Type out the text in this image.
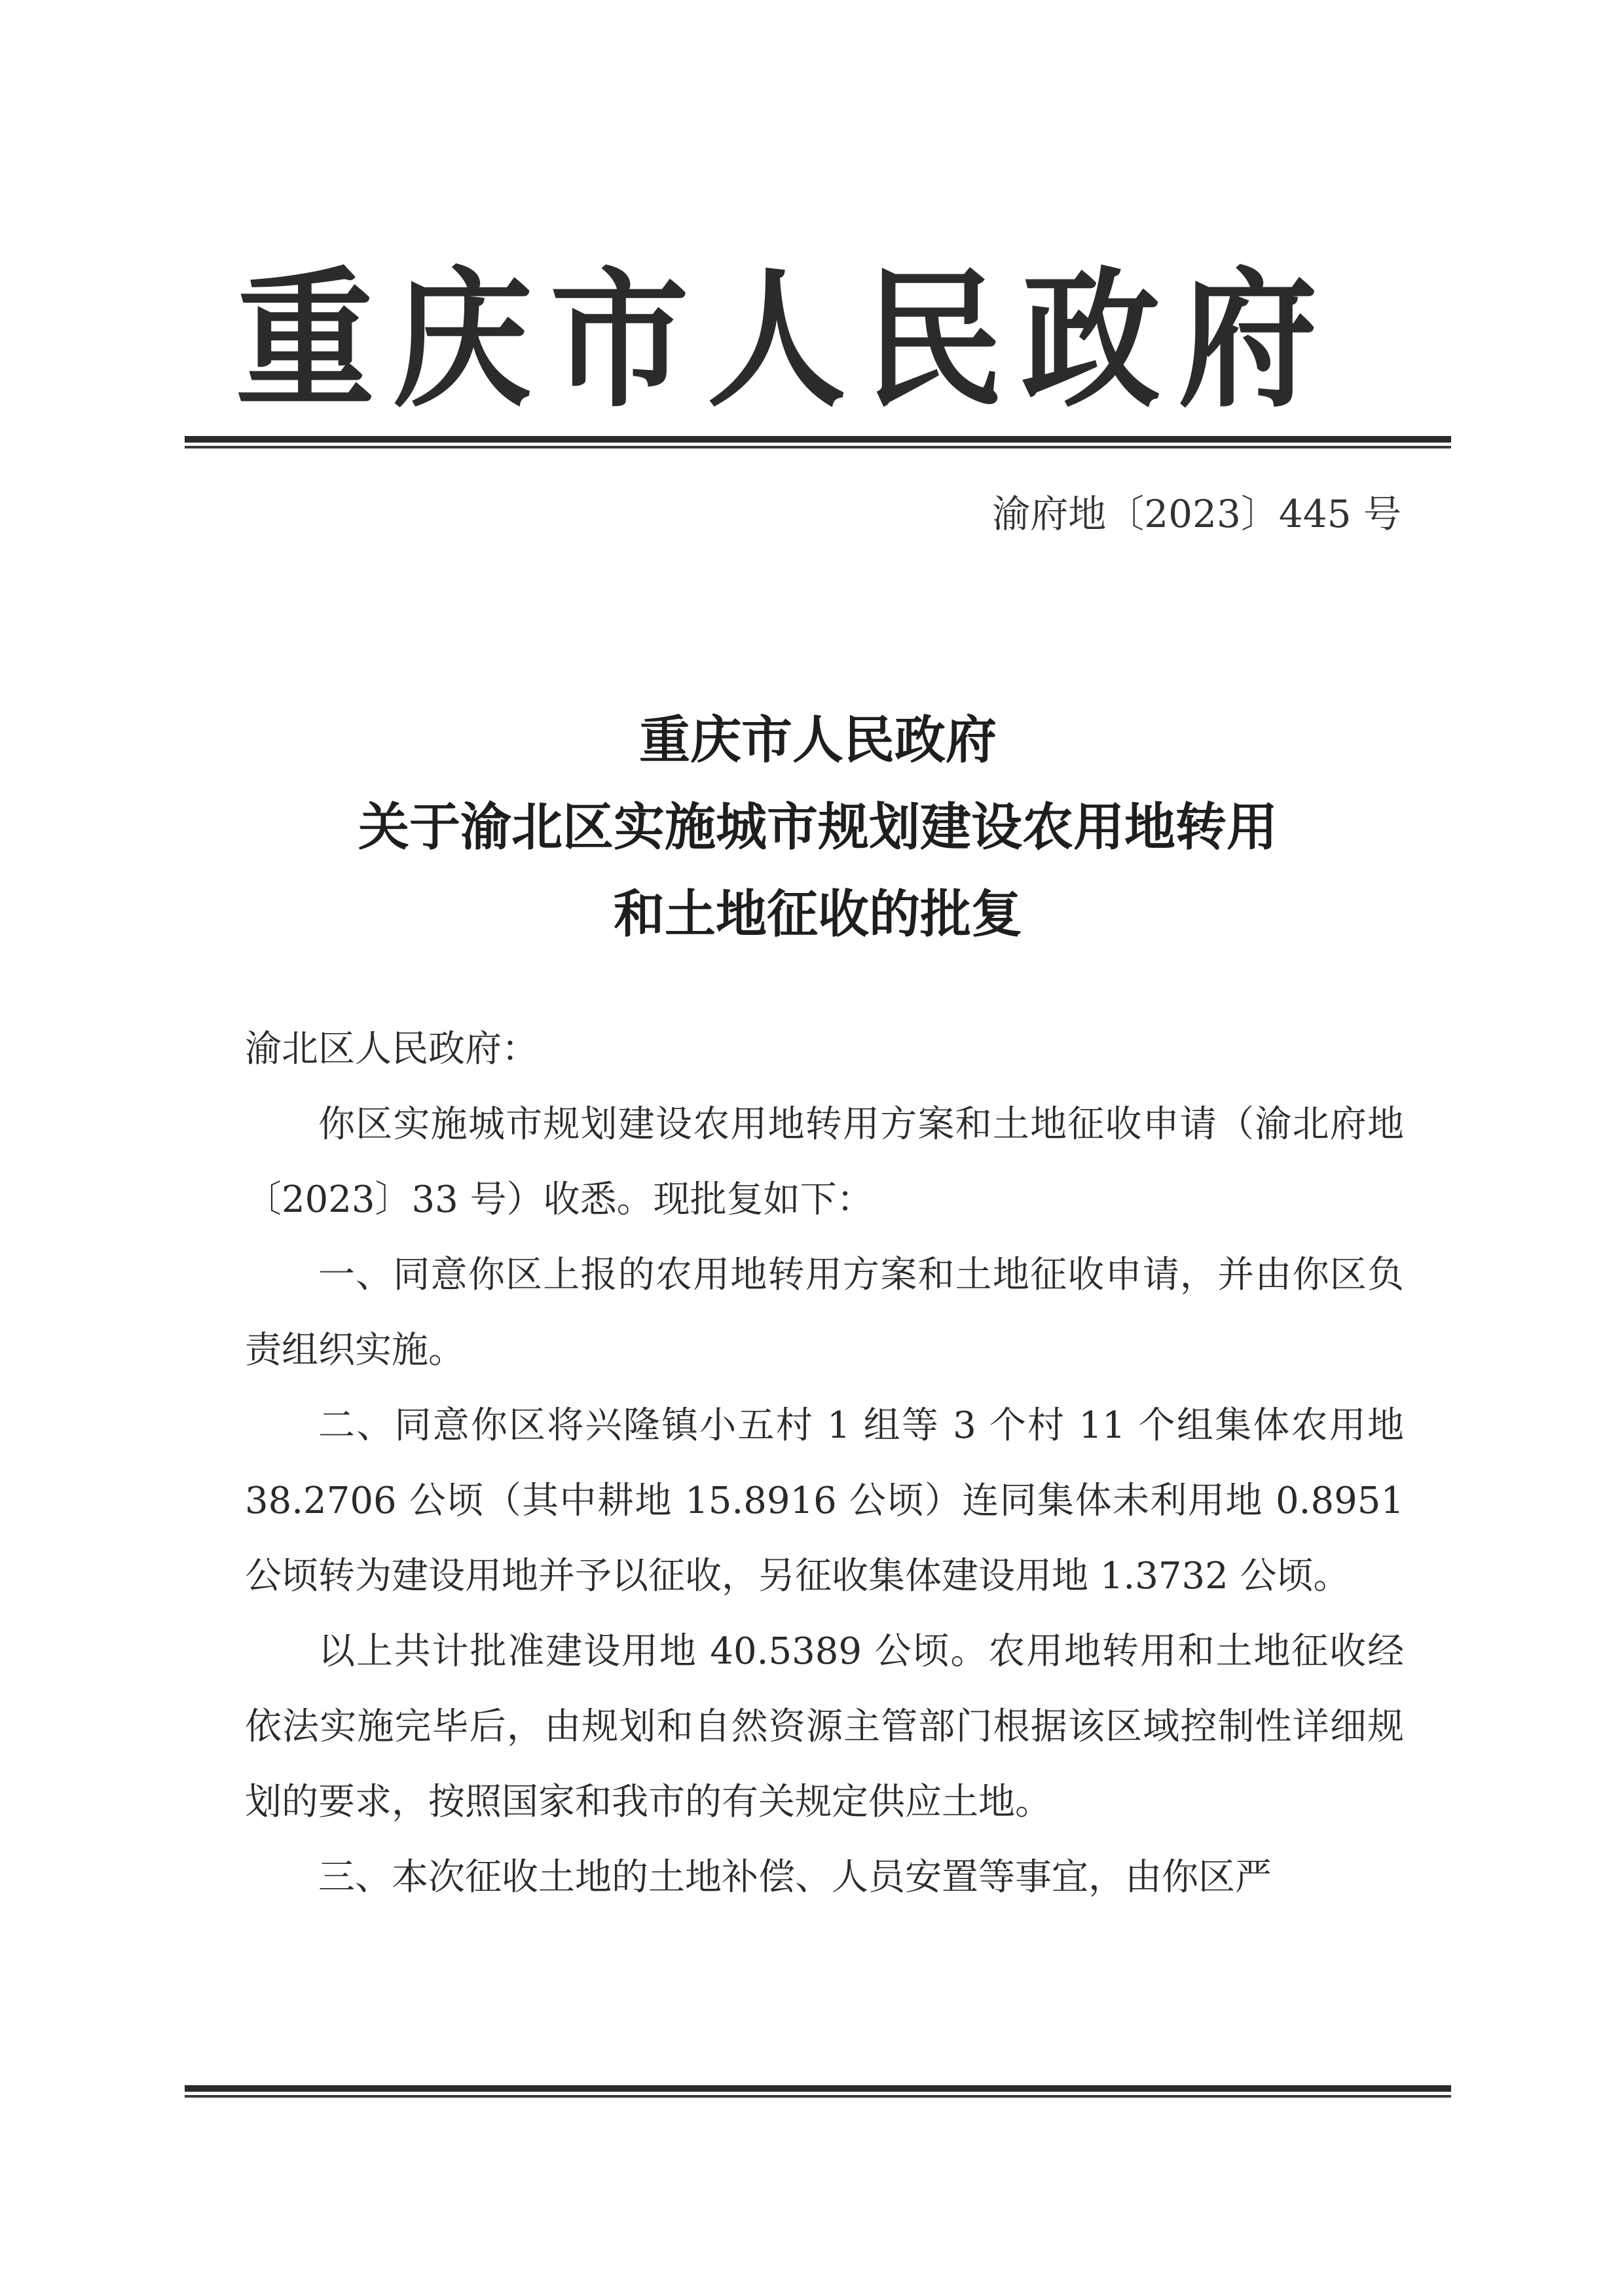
重庆市人民政府
渝府地〔2023〕445 号
重庆市人民政府
关于渝北区实施城市规划建设农用地转用
和土地征收的批复

渝北区人民政府：

你区实施城市规划建设农用地转用方案和土地征收申请（渝北府地〔2023〕33 号）收悉。现批复如下：

一、同意你区上报的农用地转用方案和土地征收申请，并由你区负责组织实施。

二、同意你区将兴隆镇小五村 1 组等 3 个村 11 个组集体农用地 38.2706 公顷（其中耕地 15.8916 公顷）连同集体未利用地 0.8951 公顷转为建设用地并予以征收，另征收集体建设用地 1.3732 公顷。

以上共计批准建设用地 40.5389 公顷。农用地转用和土地征收经依法实施完毕后，由规划和自然资源主管部门根据该区域控制性详细规划的要求，按照国家和我市的有关规定供应土地。

三、本次征收土地的土地补偿、人员安置等事宜，由你区严
